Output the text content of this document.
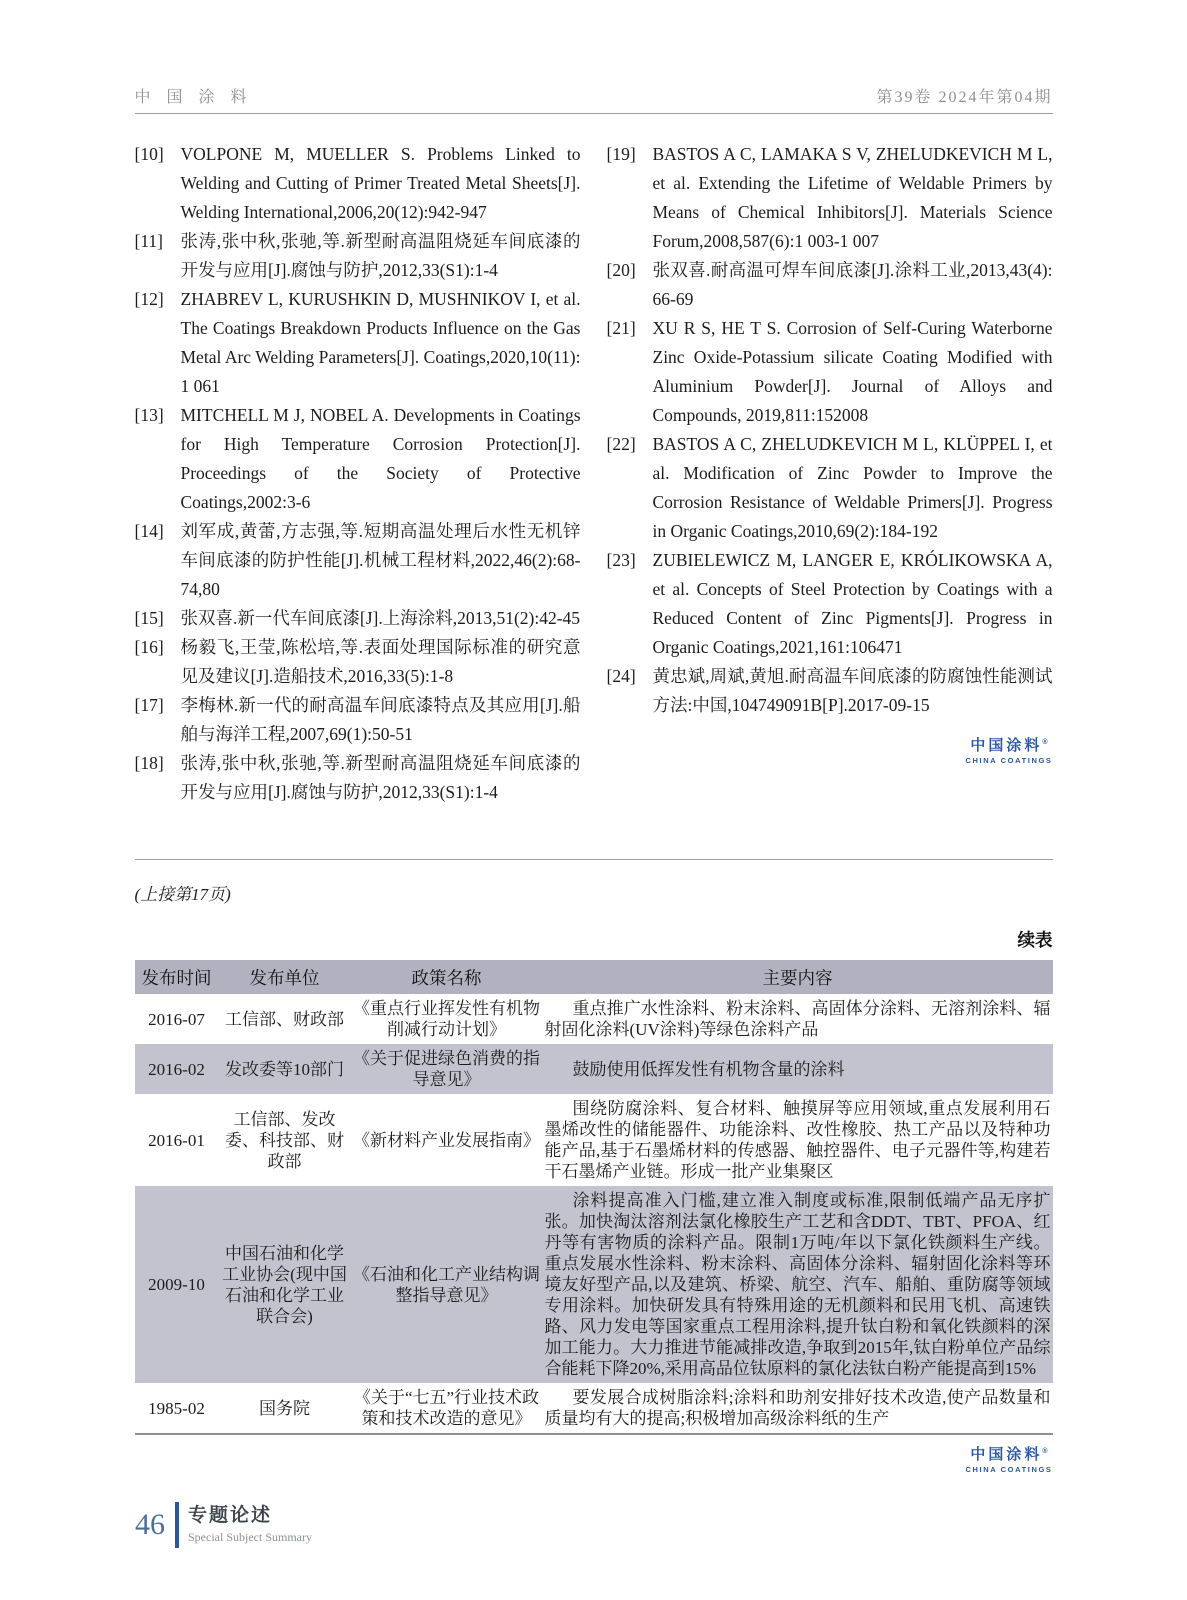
中 国 涂 料	第39卷 2024年第04期
[10] VOLPONE M, MUELLER S. Problems Linked to Welding and Cutting of Primer Treated Metal Sheets[J]. Welding International,2006,20(12):942-947
[11] 张涛,张中秋,张驰,等.新型耐高温阻烧延车间底漆的开发与应用[J].腐蚀与防护,2012,33(S1):1-4
[12] ZHABREV L, KURUSHKIN D, MUSHNIKOV I, et al. The Coatings Breakdown Products Influence on the Gas Metal Arc Welding Parameters[J]. Coatings,2020,10(11): 1 061
[13] MITCHELL M J, NOBEL A. Developments in Coatings for High Temperature Corrosion Protection[J]. Proceedings of the Society of Protective Coatings,2002:3-6
[14] 刘军成,黄蕾,方志强,等.短期高温处理后水性无机锌车间底漆的防护性能[J].机械工程材料,2022,46(2):68-74,80
[15] 张双喜.新一代车间底漆[J].上海涂料,2013,51(2):42-45
[16] 杨毅飞,王莹,陈松培,等.表面处理国际标准的研究意见及建议[J].造船技术,2016,33(5):1-8
[17] 李梅林.新一代的耐高温车间底漆特点及其应用[J].船舶与海洋工程,2007,69(1):50-51
[18] 张涛,张中秋,张驰,等.新型耐高温阻烧延车间底漆的开发与应用[J].腐蚀与防护,2012,33(S1):1-4
[19] BASTOS A C, LAMAKA S V, ZHELUDKEVICH M L, et al. Extending the Lifetime of Weldable Primers by Means of Chemical Inhibitors[J]. Materials Science Forum,2008,587(6):1 003-1 007
[20] 张双喜.耐高温可焊车间底漆[J].涂料工业,2013,43(4): 66-69
[21] XU R S, HE T S. Corrosion of Self-Curing Waterborne Zinc Oxide-Potassium silicate Coating Modified with Aluminium Powder[J]. Journal of Alloys and Compounds, 2019,811:152008
[22] BASTOS A C, ZHELUDKEVICH M L, KLÜPPEL I, et al. Modification of Zinc Powder to Improve the Corrosion Resistance of Weldable Primers[J]. Progress in Organic Coatings,2010,69(2):184-192
[23] ZUBIELEWICZ M, LANGER E, KRÓLIKOWSKA A, et al. Concepts of Steel Protection by Coatings with a Reduced Content of Zinc Pigments[J]. Progress in Organic Coatings,2021,161:106471
[24] 黄忠斌,周斌,黄旭.耐高温车间底漆的防腐蚀性能测试方法:中国,104749091B[P].2017-09-15
中国涂料®
CHINA COATINGS
(上接第17页)
续表
发布时间	发布单位	政策名称	主要内容
2016-07	工信部、财政部	《重点行业挥发性有机物削减行动计划》	重点推广水性涂料、粉末涂料、高固体分涂料、无溶剂涂料、辐射固化涂料(UV涂料)等绿色涂料产品
2016-02	发改委等10部门	《关于促进绿色消费的指导意见》	鼓励使用低挥发性有机物含量的涂料
2016-01	工信部、发改委、科技部、财政部	《新材料产业发展指南》	围绕防腐涂料、复合材料、触摸屏等应用领域,重点发展利用石墨烯改性的储能器件、功能涂料、改性橡胶、热工产品以及特种功能产品,基于石墨烯材料的传感器、触控器件、电子元器件等,构建若干石墨烯产业链。形成一批产业集聚区
2009-10	中国石油和化学工业协会(现中国石油和化学工业联合会)	《石油和化工产业结构调整指导意见》	涂料提高准入门槛,建立准入制度或标准,限制低端产品无序扩张。加快淘汰溶剂法氯化橡胶生产工艺和含DDT、TBT、PFOA、红丹等有害物质的涂料产品。限制1万吨/年以下氯化铁颜料生产线。重点发展水性涂料、粉末涂料、高固体分涂料、辐射固化涂料等环境友好型产品,以及建筑、桥梁、航空、汽车、船舶、重防腐等领域专用涂料。加快研发具有特殊用途的无机颜料和民用飞机、高速铁路、风力发电等国家重点工程用涂料,提升钛白粉和氧化铁颜料的深加工能力。大力推进节能减排改造,争取到2015年,钛白粉单位产品综合能耗下降20%,采用高品位钛原料的氯化法钛白粉产能提高到15%
1985-02	国务院	《关于“七五”行业技术政策和技术改造的意见》	要发展合成树脂涂料;涂料和助剂安排好技术改造,使产品数量和质量均有大的提高;积极增加高级涂料纸的生产
中国涂料®
CHINA COATINGS
46 专题论述
Special Subject Summary
